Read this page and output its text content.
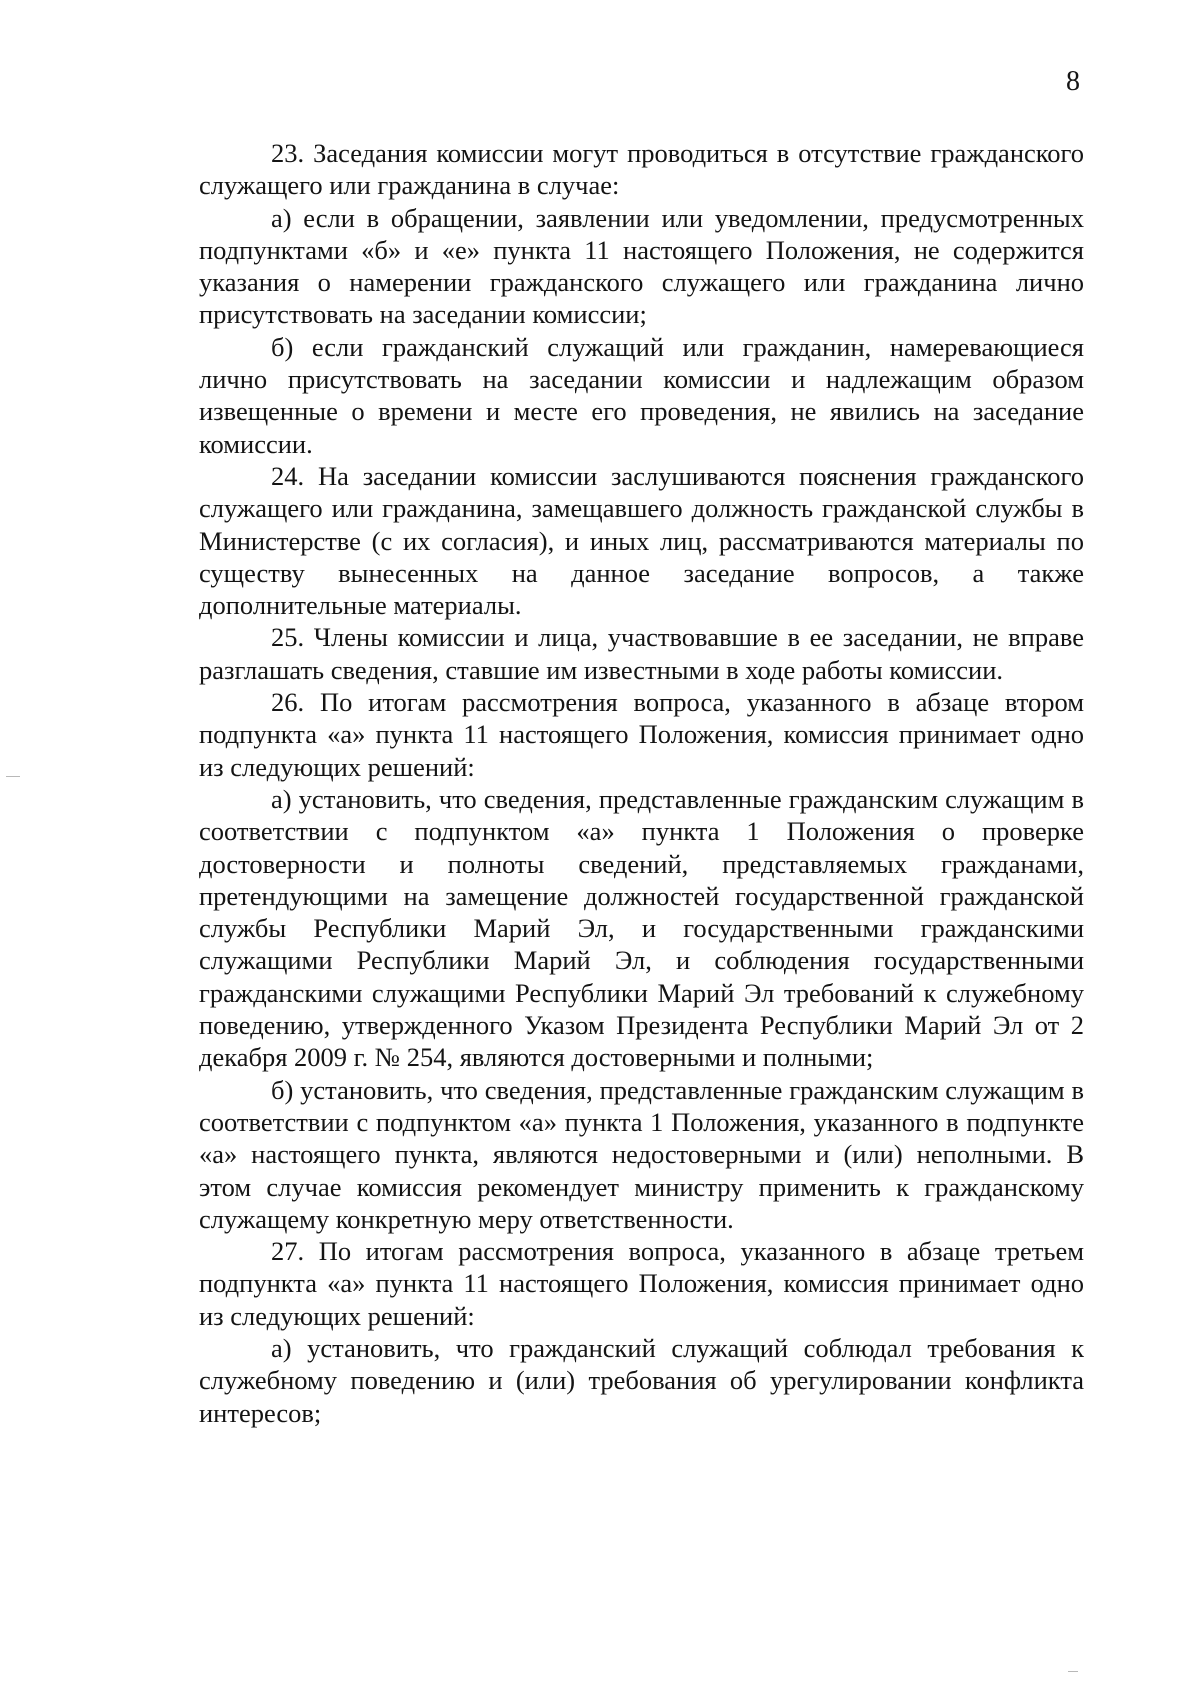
8

23. Заседания комиссии могут проводиться в отсутствие гражданского служащего или гражданина в случае:

а) если в обращении, заявлении или уведомлении, предусмотренных подпунктами «б» и «е» пункта 11 настоящего Положения, не содержится указания о намерении гражданского служащего или гражданина лично присутствовать на заседании комиссии;

б) если гражданский служащий или гражданин, намеревающиеся лично присутствовать на заседании комиссии и надлежащим образом извещенные о времени и месте его проведения, не явились на заседание комиссии.

24. На заседании комиссии заслушиваются пояснения гражданского служащего или гражданина, замещавшего должность гражданской службы в Министерстве (с их согласия), и иных лиц, рассматриваются материалы по существу вынесенных на данное заседание вопросов, а также дополнительные материалы.

25. Члены комиссии и лица, участвовавшие в ее заседании, не вправе разглашать сведения, ставшие им известными в ходе работы комиссии.

26. По итогам рассмотрения вопроса, указанного в абзаце втором подпункта «а» пункта 11 настоящего Положения, комиссия принимает одно из следующих решений:

а) установить, что сведения, представленные гражданским служащим в соответствии с подпунктом «а» пункта 1 Положения о проверке достоверности и полноты сведений, представляемых гражданами, претендующими на замещение должностей государственной гражданской службы Республики Марий Эл, и государственными гражданскими служащими Республики Марий Эл, и соблюдения государственными гражданскими служащими Республики Марий Эл требований к служебному поведению, утвержденного Указом Президента Республики Марий Эл от 2 декабря 2009 г. № 254, являются достоверными и полными;

б) установить, что сведения, представленные гражданским служащим в соответствии с подпунктом «а» пункта 1 Положения, указанного в подпункте «а» настоящего пункта, являются недостоверными и (или) неполными. В этом случае комиссия рекомендует министру применить к гражданскому служащему конкретную меру ответственности.

27. По итогам рассмотрения вопроса, указанного в абзаце третьем подпункта «а» пункта 11 настоящего Положения, комиссия принимает одно из следующих решений:

а) установить, что гражданский служащий соблюдал требования к служебному поведению и (или) требования об урегулировании конфликта интересов;
